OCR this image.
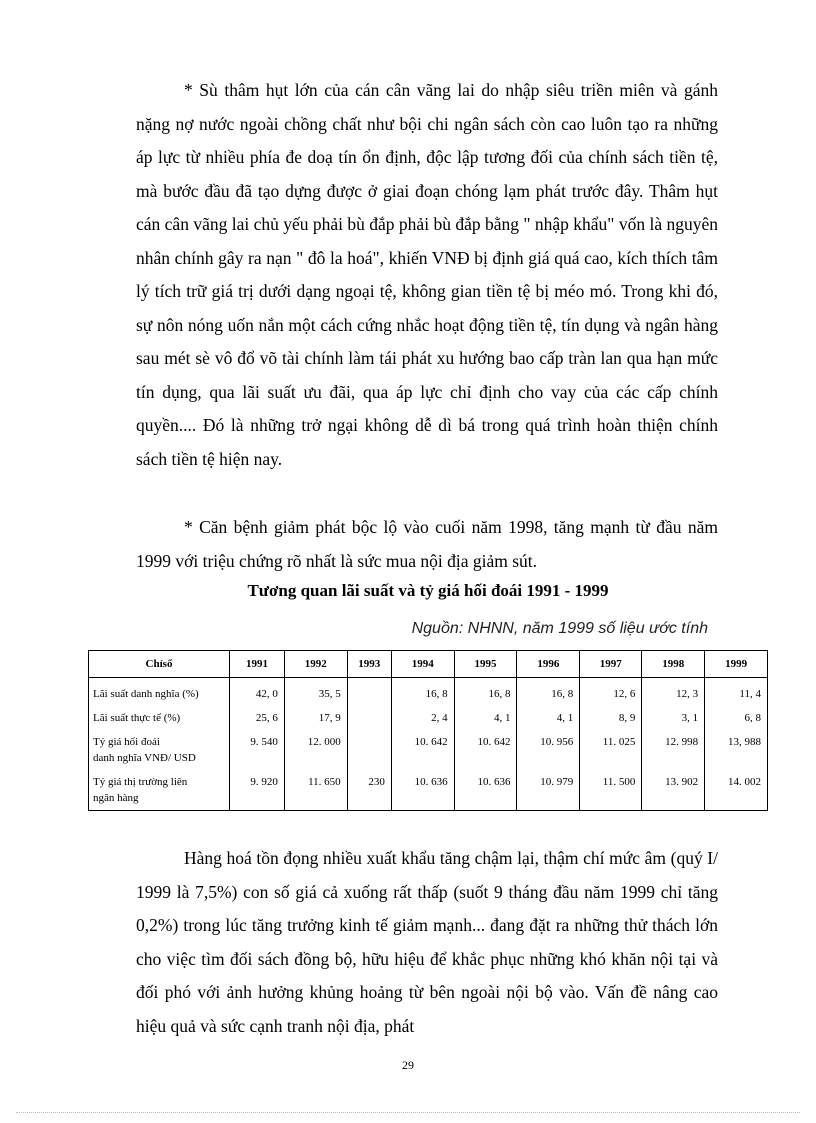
* Sù thâm hụt lớn của cán cân vãng lai do nhập siêu triền miên và gánh nặng nợ nước ngoài chồng chất như bội chi ngân sách còn cao luôn tạo ra những áp lực từ nhiều phía đe doạ tín ổn định, độc lập tương đối của chính sách tiền tệ, mà bước đầu đã tạo dựng được ở giai đoạn chóng lạm phát trước đây. Thâm hụt cán cân vãng lai chủ yếu phải bù đắp phải bù đắp bằng " nhập khẩu" vốn là nguyên nhân chính gây ra nạn " đô la hoá", khiến VNĐ bị định giá quá cao, kích thích tâm lý tích trữ giá trị dưới dạng ngoại tệ, không gian tiền tệ bị méo mó. Trong khi đó, sự nôn nóng uốn nắn một cách cứng nhắc hoạt động tiền tệ, tín dụng và ngân hàng sau mét sè vô đổ võ tài chính làm tái phát xu hướng bao cấp tràn lan qua hạn mức tín dụng, qua lãi suất ưu đãi, qua áp lực chỉ định cho vay của các cấp chính quyền.... Đó là những trở ngại không dễ dì bá trong quá trình hoàn thiện chính sách tiền tệ hiện nay.

* Căn bệnh giảm phát bộc lộ vào cuối năm 1998, tăng mạnh từ đầu năm 1999 với triệu chứng rõ nhất là sức mua nội địa giảm sút.

Tương quan lãi suất và tỷ giá hối đoái 1991 - 1999

Nguồn: NHNN, năm 1999 số liệu ước tính
Chỉsố	1991	1992	1993	1994	1995	1996	1997	1998	1999
Lãi suất danh nghĩa (%)	42, 0	35, 5		16, 8	16, 8	16, 8	12, 6	12, 3	11, 4
Lãi suất thực tế (%)	25, 6	17, 9		2, 4	4, 1	4, 1	8, 9	3, 1	6, 8

Tỷ giá hối đoái
danh nghĩa VNĐ/ USD	9. 540	12. 000		10. 642	10. 642	10. 956	11. 025	12. 998	13, 988

Tỷ giá thị trường liên
ngân hàng	9. 920	11. 650	230	10. 636	10. 636	10. 979	11. 500	13. 902	14. 002

Hàng hoá tồn đọng nhiều xuất khẩu tăng chậm lại, thậm chí mức âm (quý I/ 1999 là 7,5%) con số giá cả xuống rất thấp (suốt 9 tháng đầu năm 1999 chỉ tăng 0,2%) trong lúc tăng trưởng kinh tế giảm mạnh... đang đặt ra những thử thách lớn cho việc tìm đối sách đồng bộ, hữu hiệu để khắc phục những khó khăn nội tại và đối phó với ảnh hưởng khủng hoảng từ bên ngoài nội bộ vào. Vấn đề nâng cao hiệu quả và sức cạnh tranh nội địa, phát

29
